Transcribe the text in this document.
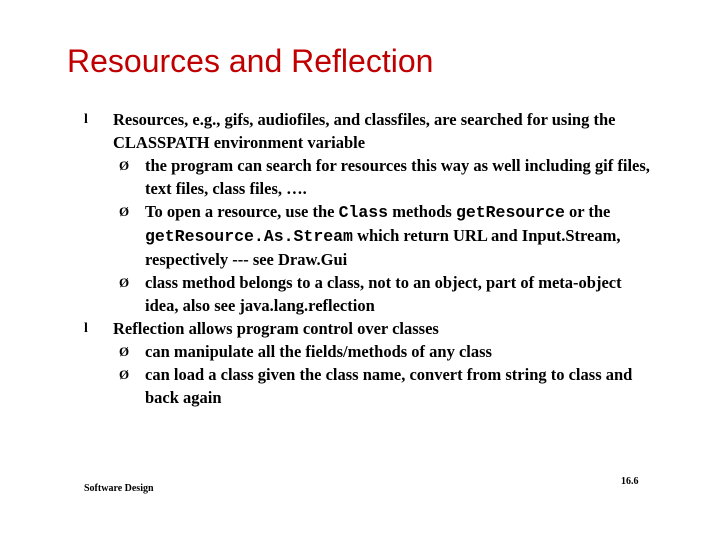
Resources and Reflection
l Resources, e.g., gifs, audiofiles, and classfiles, are searched for using the CLASSPATH environment variable
Ø the program can search for resources this way as well including gif files, text files, class files, ….
Ø To open a resource, use the Class methods getResource or the getResource.As.Stream which return URL and Input.Stream, respectively --- see Draw.Gui
Ø class method belongs to a class, not to an object, part of meta-object idea, also see java.lang.reflection
l Reflection allows program control over classes
Ø can manipulate all the fields/methods of any class
Ø can load a class given the class name, convert from string to class and back again
Software Design
16.6
